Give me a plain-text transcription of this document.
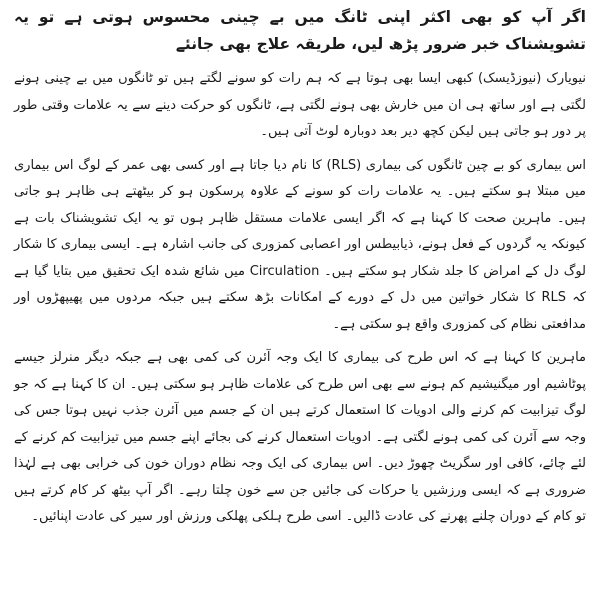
اگر آپ کو بھی اکثر اپنی ٹانگ میں بے چینی محسوس ہوتی ہے تو یہ تشویشناک خبر ضرور پڑھ لیں، طریقہ علاج بھی جانئے

نیویارک (نیوزڈیسک) کبھی ایسا بھی ہوتا ہے کہ ہم رات کو سونے لگتے ہیں تو ٹانگوں میں بے چینی ہونے لگتی ہے اور ساتھ ہی ان میں خارش بھی ہونے لگتی ہے، ٹانگوں کو حرکت دینے سے یہ علامات وقتی طور پر دور ہو جاتی ہیں لیکن کچھ دیر بعد دوبارہ لوٹ آتی ہیں۔

اس بیماری کو بے چین ٹانگوں کی بیماری (RLS) کا نام دیا جاتا ہے اور کسی بھی عمر کے لوگ اس بیماری میں مبتلا ہو سکتے ہیں۔ یہ علامات رات کو سونے کے علاوہ پرسکون ہو کر بیٹھتے ہی ظاہر ہو جاتی ہیں۔ ماہرین صحت کا کہنا ہے کہ اگر ایسی علامات مستقل ظاہر ہوں تو یہ ایک تشویشناک بات ہے کیونکہ یہ گردوں کے فعل ہونے، ذیابیطس اور اعصابی کمزوری کی جانب اشارہ ہے۔ ایسی بیماری کا شکار لوگ دل کے امراض کا جلد شکار ہو سکتے ہیں۔ Circulation میں شائع شدہ ایک تحقیق میں بتایا گیا ہے کہ RLS کا شکار خواتین میں دل کے دورے کے امکانات بڑھ سکتے ہیں جبکہ مردوں میں پھیپھڑوں اور مدافعتی نظام کی کمزوری واقع ہو سکتی ہے۔

ماہرین کا کہنا ہے کہ اس طرح کی بیماری کا ایک وجہ آئرن کی کمی بھی ہے جبکہ دیگر منرلز جیسے پوٹاشیم اور میگنیشیم کم ہونے سے بھی اس طرح کی علامات ظاہر ہو سکتی ہیں۔ ان کا کہنا ہے کہ جو لوگ تیزابیت کم کرنے والی ادویات کا استعمال کرتے ہیں ان کے جسم میں آئرن جذب نہیں ہوتا جس کی وجہ سے آئرن کی کمی ہونے لگتی ہے۔ ادویات استعمال کرنے کی بجائے اپنے جسم میں تیزابیت کم کرنے کے لئے چائے، کافی اور سگریٹ چھوڑ دیں۔ اس بیماری کی ایک وجہ نظام دوران خون کی خرابی بھی ہے لہٰذا ضروری ہے کہ ایسی ورزشیں یا حرکات کی جائیں جن سے خون چلتا رہے۔ اگر آپ بیٹھ کر کام کرتے ہیں تو کام کے دوران چلنے پھرنے کی عادت ڈالیں۔ اسی طرح ہلکی پھلکی ورزش اور سیر کی عادت اپنائیں۔
